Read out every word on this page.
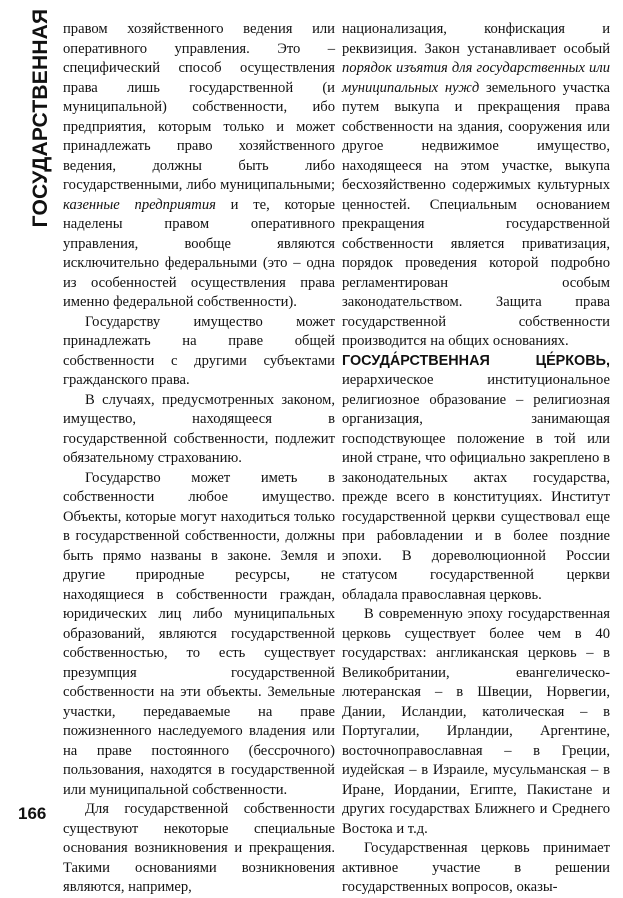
ГОСУДАРСТВЕННАЯ правом хозяйственного ведения или оперативного управления. Это – специфический способ осуществления права лишь государственной (и муниципальной) собственности, ибо предприятия, которым только и может принадлежать право хозяйственного ведения, должны быть либо государственными, либо муниципальными; казенные предприятия и те, которые наделены правом оперативного управления, вообще являются исключительно федеральными (это – одна из особенностей осуществления права именно федеральной собственности).

Государству имущество может принадлежать на праве общей собственности с другими субъектами гражданского права.

В случаях, предусмотренных законом, имущество, находящееся в государственной собственности, подлежит обязательному страхованию.

Государство может иметь в собственности любое имущество. Объекты, которые могут находиться только в государственной собственности, должны быть прямо названы в законе. Земля и другие природные ресурсы, не находящиеся в собственности граждан, юридических лиц либо муниципальных образований, являются государственной собственностью, то есть существует презумпция государственной собственности на эти объекты. Земельные участки, передаваемые на праве пожизненного наследуемого владения или на праве постоянного (бессрочного) пользования, находятся в государственной или муниципальной собственности.

Для государственной собственности существуют некоторые специальные основания возникновения и прекращения. Такими основаниями возникновения являются, например,

национализация, конфискация и реквизиция. Закон устанавливает особый порядок изъятия для государственных или муниципальных нужд земельного участка путем выкупа и прекращения права собственности на здания, сооружения или другое недвижимое имущество, находящееся на этом участке, выкупа бесхозяйственно содержимых культурных ценностей. Специальным основанием прекращения государственной собственности является приватизация, порядок проведения которой подробно регламентирован особым законодательством. Защита права государственной собственности производится на общих основаниях.

ГОСУДА́РСТВЕННАЯ ЦЕ́РКОВЬ, иерархическое институциональное религиозное образование – религиозная организация, занимающая господствующее положение в той или иной стране, что официально закреплено в законодательных актах государства, прежде всего в конституциях. Институт государственной церкви существовал еще при рабовладении и в более поздние эпохи. В дореволюционной России статусом государственной церкви обладала православная церковь.

В современную эпоху государственная церковь существует более чем в 40 государствах: англиканская церковь – в Великобритании, евангелическо-лютеранская – в Швеции, Норвегии, Дании, Исландии, католическая – в Португалии, Ирландии, Аргентине, восточноправославная – в Греции, иудейская – в Израиле, мусульманская – в Иране, Иордании, Египте, Пакистане и других государствах Ближнего и Среднего Востока и т.д.

Государственная церковь принимает активное участие в решении государственных вопросов, оказы-

166
